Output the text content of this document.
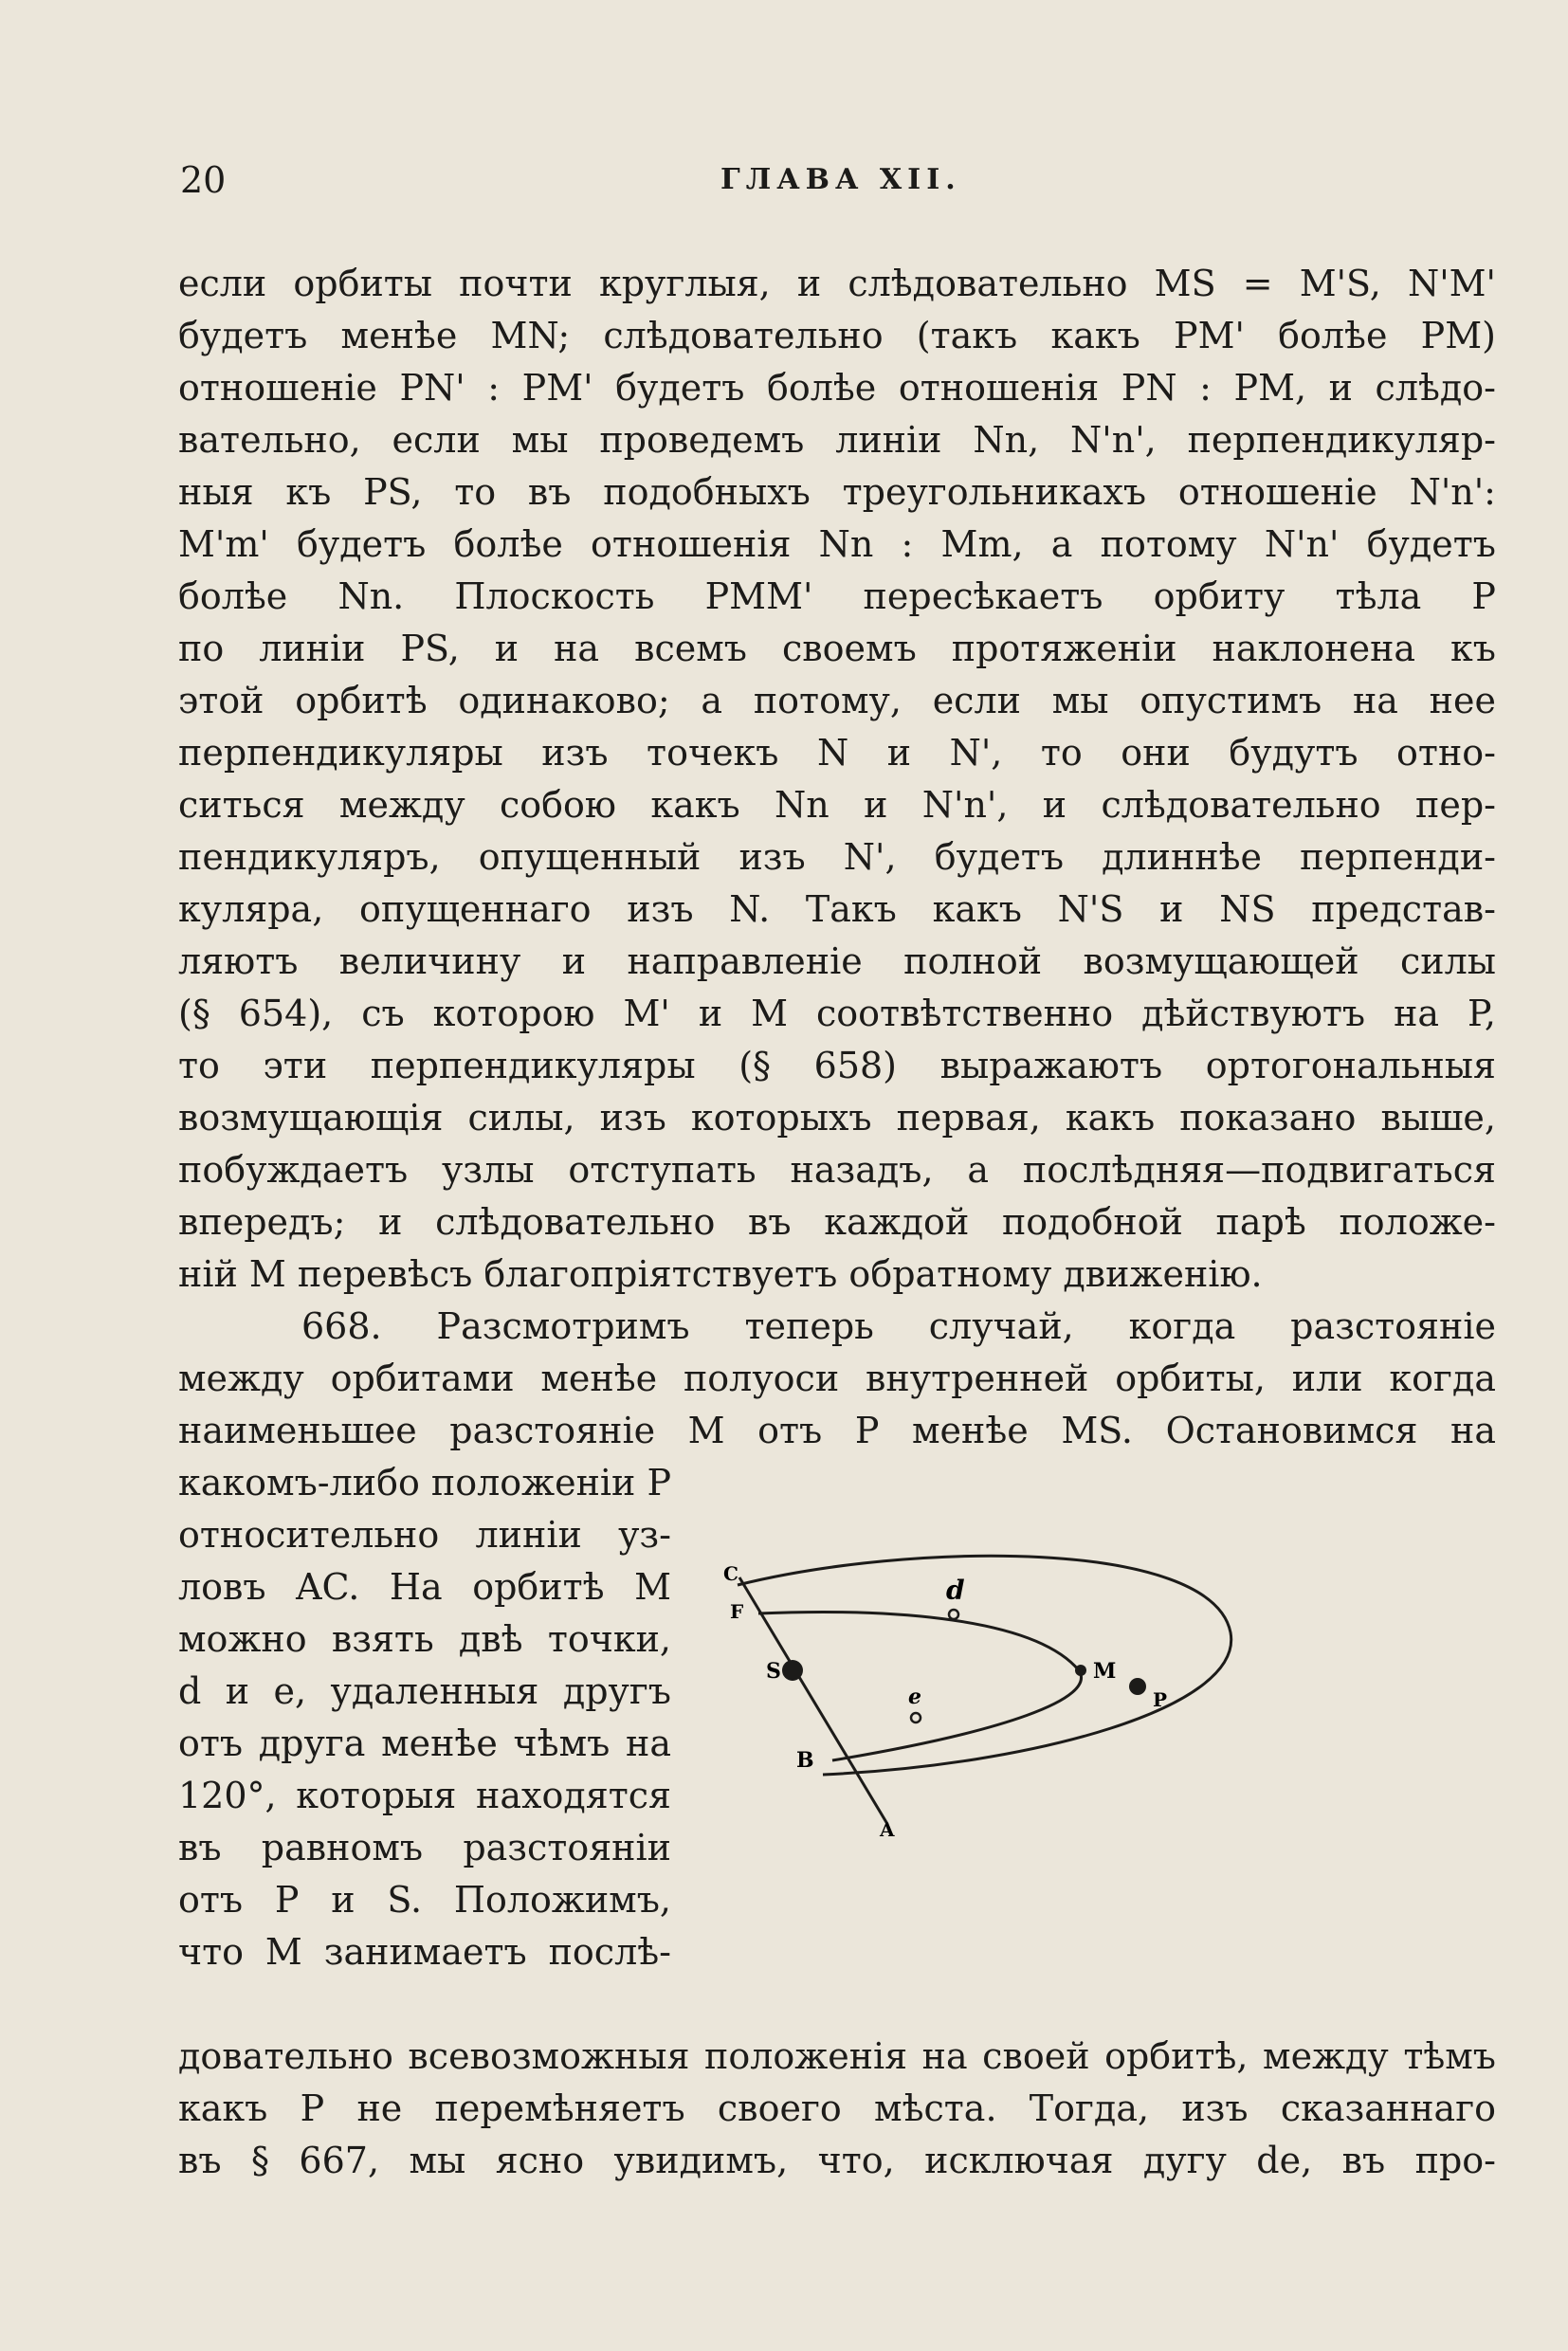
20	ГЛАВА XII.
если орбиты почти круглыя, и слѣдовательно MS = M'S, N'M'
будетъ менѣе MN; слѣдовательно (такъ какъ PM' болѣе PM)
отношеніе PN' : PM' будетъ болѣе отношенія PN : PM, и слѣдо-
вательно, если мы проведемъ линіи Nn, N'n', перпендикуляр-
ныя къ PS, то въ подобныхъ треугольникахъ отношеніе N'n':
M'm' будетъ болѣе отношенія Nn : Mm, а потому N'n' будетъ
болѣе Nn. Плоскость PMM' пересѣкаетъ орбиту тѣла P
по линіи PS, и на всемъ своемъ протяженіи наклонена къ
этой орбитѣ одинаково; а потому, если мы опустимъ на нее
перпендикуляры изъ точекъ N и N', то они будутъ отно-
ситься между собою какъ Nn и N'n', и слѣдовательно пер-
пендикуляръ, опущенный изъ N', будетъ длиннѣе перпенди-
куляра, опущеннаго изъ N. Такъ какъ N'S и NS представ-
ляютъ величину и направленіе полной возмущающей силы
(§ 654), съ которою M' и M соотвѣтственно дѣйствуютъ на P,
то эти перпендикуляры (§ 658) выражаютъ ортогональныя
возмущающія силы, изъ которыхъ первая, какъ показано выше,
побуждаетъ узлы отступать назадъ, а послѣдняя—подвигаться
впередъ; и слѣдовательно въ каждой подобной парѣ положе-
ній M перевѣсъ благопріятствуетъ обратному движенію.
668. Разсмотримъ теперь случай, когда разстояніе
между орбитами менѣе полуоси внутренней орбиты, или когда
наименьшее разстояніе M отъ P менѣе MS. Остановимся на
какомъ-либо положеніи P
относительно линіи уз-
ловъ AC. На орбитѣ M
можно взять двѣ точки,
d и e, удаленныя другъ
отъ друга менѣе чѣмъ на
120°, которыя находятся
въ равномъ разстояніи
отъ P и S. Положимъ,
что M занимаетъ послѣ-
C
F
S
B
A
d
e
M
P
довательно всевозможныя положенія на своей орбитѣ, между тѣмъ
какъ P не перемѣняетъ своего мѣста. Тогда, изъ сказаннаго
въ § 667, мы ясно увидимъ, что, исключая дугу de, въ про-
